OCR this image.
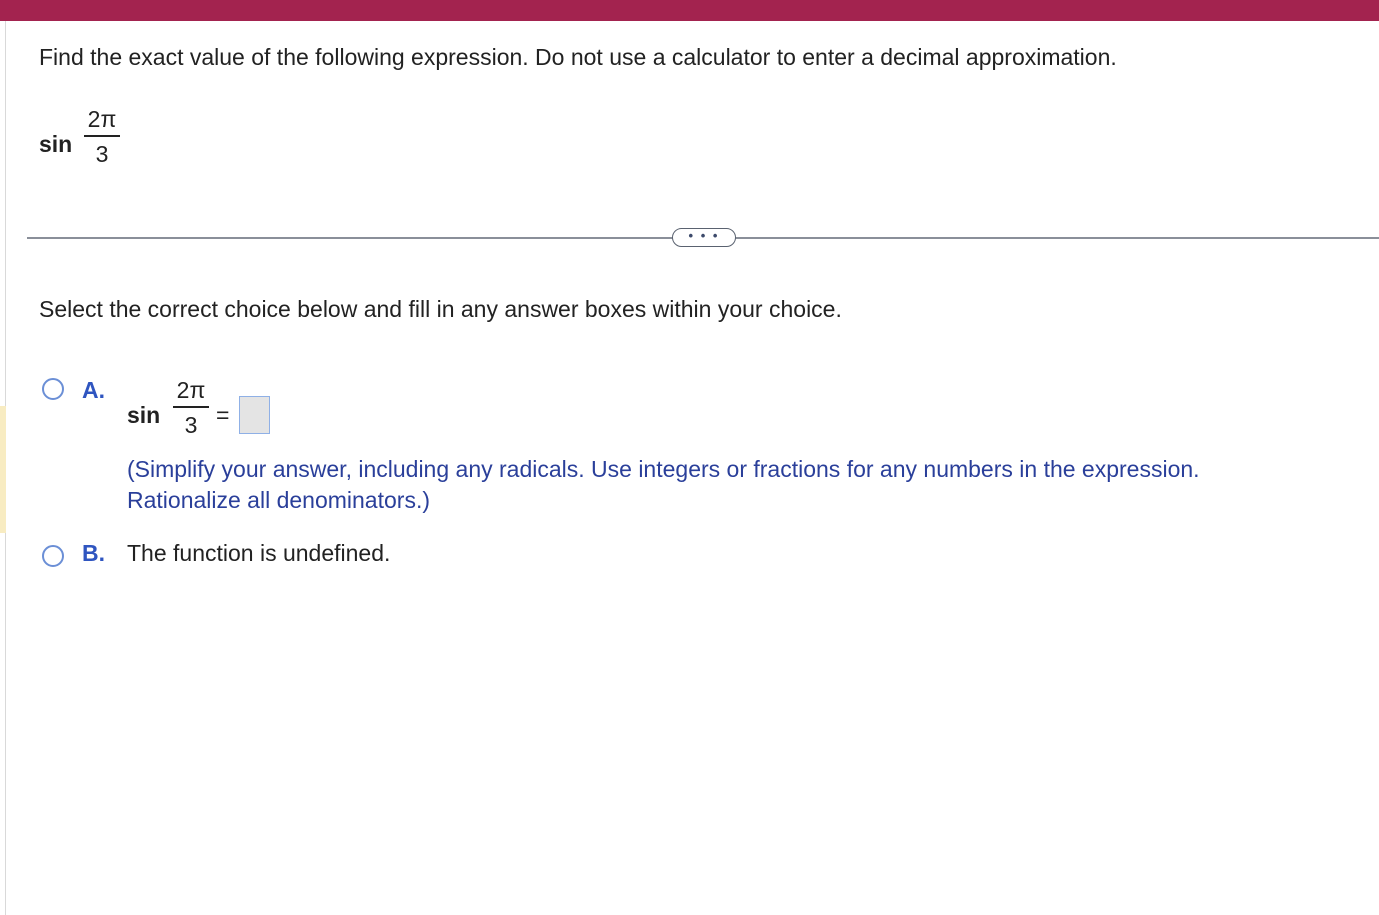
Find the exact value of the following expression. Do not use a calculator to enter a decimal approximation.
sin
2π
3
• • •
Select the correct choice below and fill in any answer boxes within your choice.
A.
sin
2π
3 =
(Simplify your answer, including any radicals. Use integers or fractions for any numbers in the expression.
Rationalize all denominators.)
B. The function is undefined.
